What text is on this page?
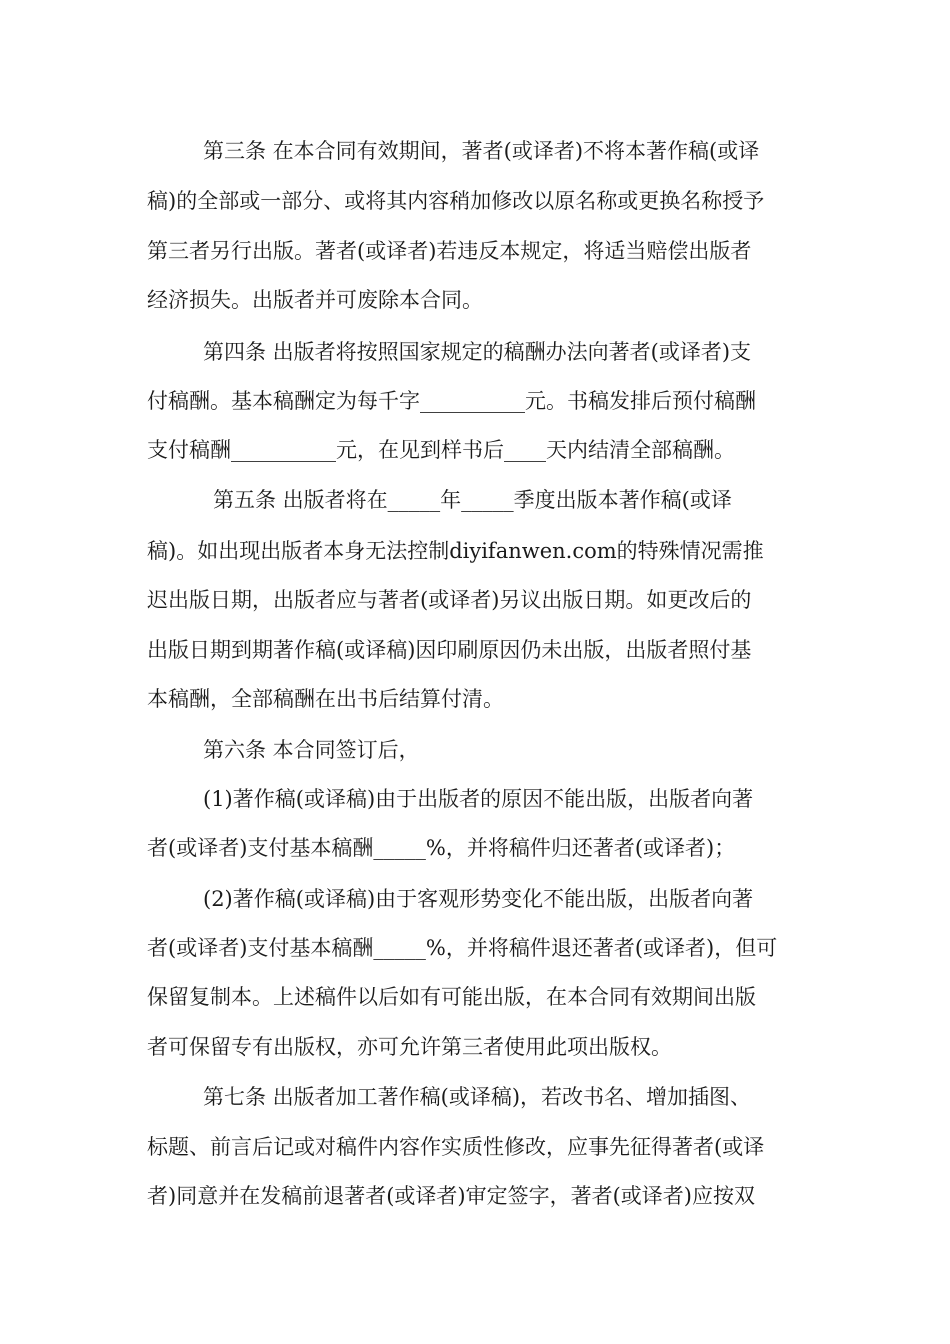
第三条 在本合同有效期间，著者(或译者)不将本著作稿(或译
稿)的全部或一部分、或将其内容稍加修改以原名称或更换名称授予
第三者另行出版。著者(或译者)若违反本规定，将适当赔偿出版者
经济损失。出版者并可废除本合同。
第四条 出版者将按照国家规定的稿酬办法向著者(或译者)支
付稿酬。基本稿酬定为每千字__________元。书稿发排后预付稿酬
支付稿酬__________元，在见到样书后____天内结清全部稿酬。
第五条 出版者将在_____年_____季度出版本著作稿(或译
稿)。如出现出版者本身无法控制diyifanwen.com的特殊情况需推
迟出版日期，出版者应与著者(或译者)另议出版日期。如更改后的
出版日期到期著作稿(或译稿)因印刷原因仍未出版，出版者照付基
本稿酬，全部稿酬在出书后结算付清。
第六条 本合同签订后，
(1)著作稿(或译稿)由于出版者的原因不能出版，出版者向著
者(或译者)支付基本稿酬_____%，并将稿件归还著者(或译者)；
(2)著作稿(或译稿)由于客观形势变化不能出版，出版者向著
者(或译者)支付基本稿酬_____%，并将稿件退还著者(或译者)，但可
保留复制本。上述稿件以后如有可能出版，在本合同有效期间出版
者可保留专有出版权，亦可允许第三者使用此项出版权。
第七条 出版者加工著作稿(或译稿)，若改书名、增加插图、
标题、前言后记或对稿件内容作实质性修改，应事先征得著者(或译
者)同意并在发稿前退著者(或译者)审定签字，著者(或译者)应按双
